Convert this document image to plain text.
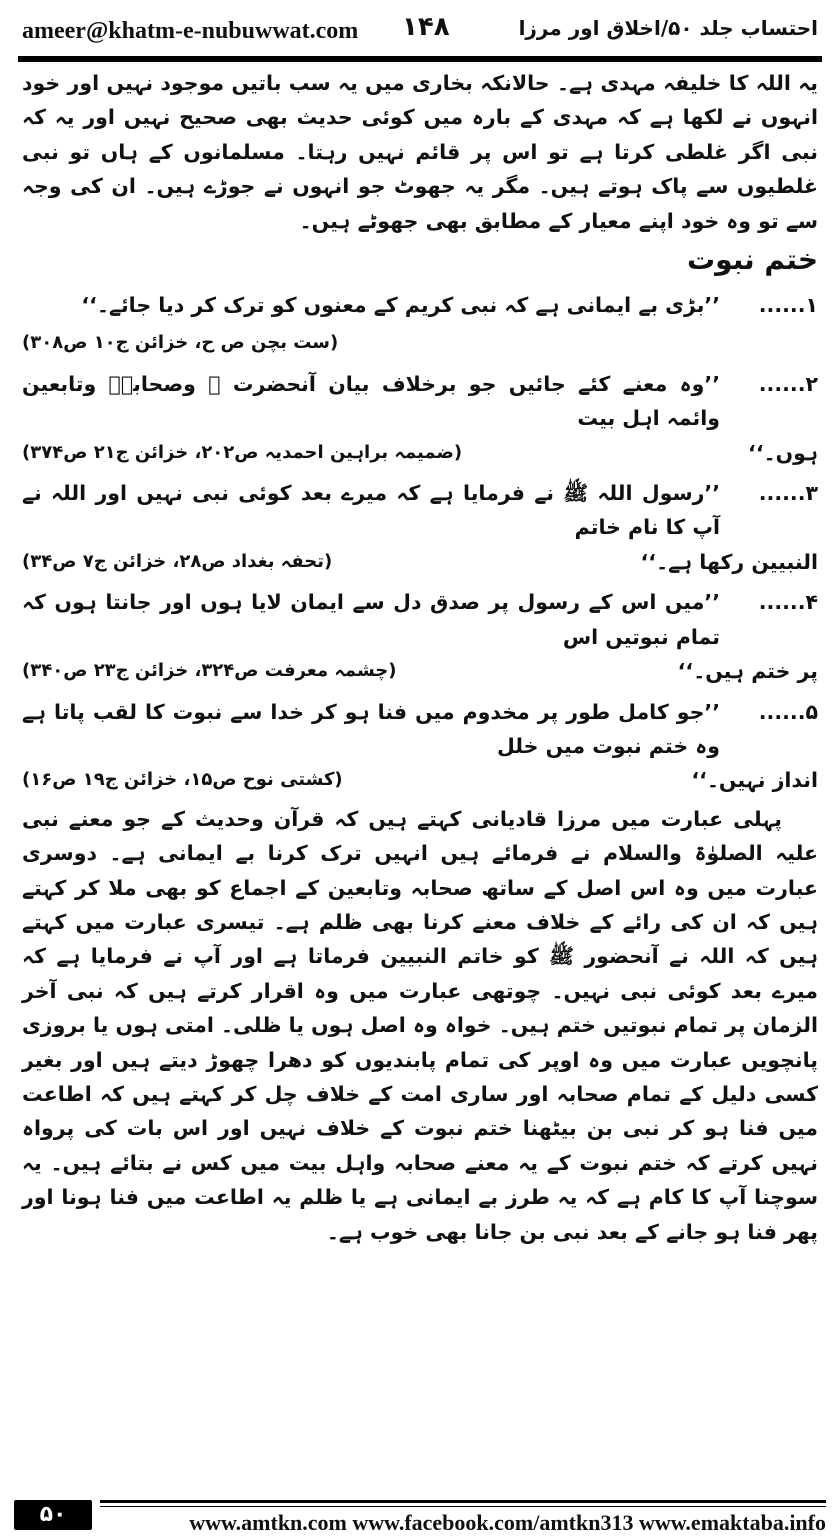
ameer@khatm-e-nubuwwat.com ۱۴۸	احتساب جلد ۵۰/اخلاق اور مرزا

یہ اللہ کا خلیفہ مہدی ہے۔ حالانکہ بخاری میں یہ سب باتیں موجود نہیں اور خود انہوں نے لکھا ہے کہ مہدی کے بارہ میں کوئی حدیث بھی صحیح نہیں اور یہ کہ نبی اگر غلطی کرتا ہے تو اس پر قائم نہیں رہتا۔ مسلمانوں کے ہاں تو نبی غلطیوں سے پاک ہوتے ہیں۔ مگر یہ جھوٹ جو انہوں نے جوڑے ہیں۔ ان کی وجہ سے تو وہ خود اپنے معیار کے مطابق بھی جھوٹے ہیں۔

ختم نبوت

۱......
’’بڑی بے ایمانی ہے کہ نبی کریم کے معنوں کو ترک کر دیا جائے۔‘‘
(ست بچن ص ح، خزائن ج۱۰ ص۳۰۸)
۲......
’’وہ معنے کئے جائیں جو برخلاف بیان آنحضرت ﷺ وصحابہؓ وتابعین وائمہ اہل بیت
ہوں۔‘‘
(ضمیمہ براہین احمدیہ ص۲۰۲، خزائن ج۲۱ ص۳۷۴)
۳......
’’رسول اللہ ﷺ نے فرمایا ہے کہ میرے بعد کوئی نبی نہیں اور اللہ نے آپ کا نام خاتم
النبیین رکھا ہے۔‘‘
(تحفہ بغداد ص۲۸، خزائن ج۷ ص۳۴)
۴......
’’میں اس کے رسول پر صدق دل سے ایمان لایا ہوں اور جانتا ہوں کہ تمام نبوتیں اس
پر ختم ہیں۔‘‘
(چشمہ معرفت ص۳۲۴، خزائن ج۲۳ ص۳۴۰)
۵......
’’جو کامل طور پر مخدوم میں فنا ہو کر خدا سے نبوت کا لقب پاتا ہے وہ ختم نبوت میں خلل
انداز نہیں۔‘‘
(کشتی نوح ص۱۵، خزائن ج۱۹ ص۱۶)

پہلی عبارت میں مرزا قادیانی کہتے ہیں کہ قرآن وحدیث کے جو معنے نبی علیہ الصلوٰۃ والسلام نے فرمائے ہیں انہیں ترک کرنا بے ایمانی ہے۔ دوسری عبارت میں وہ اس اصل کے ساتھ صحابہ وتابعین کے اجماع کو بھی ملا کر کہتے ہیں کہ ان کی رائے کے خلاف معنے کرنا بھی ظلم ہے۔ تیسری عبارت میں کہتے ہیں کہ اللہ نے آنحضور ﷺ کو خاتم النبیین فرماتا ہے اور آپ نے فرمایا ہے کہ میرے بعد کوئی نبی نہیں۔ چوتھی عبارت میں وہ اقرار کرتے ہیں کہ نبی آخر الزمان پر تمام نبوتیں ختم ہیں۔ خواہ وہ اصل ہوں یا ظلی۔ امتی ہوں یا بروزی پانچویں عبارت میں وہ اوپر کی تمام پابندیوں کو دھرا چھوڑ دیتے ہیں اور بغیر کسی دلیل کے تمام صحابہ اور ساری امت کے خلاف چل کر کہتے ہیں کہ اطاعت میں فنا ہو کر نبی بن بیٹھنا ختم نبوت کے خلاف نہیں اور اس بات کی پرواہ نہیں کرتے کہ ختم نبوت کے یہ معنے صحابہ واہل بیت میں کس نے بتائے ہیں۔ یہ سوچنا آپ کا کام ہے کہ یہ طرز بے ایمانی ہے یا ظلم یہ اطاعت میں فنا ہونا اور پھر فنا ہو جانے کے بعد نبی بن جانا بھی خوب ہے۔

۵۰	www.amtkn.com www.facebook.com/amtkn313 www.emaktaba.info
